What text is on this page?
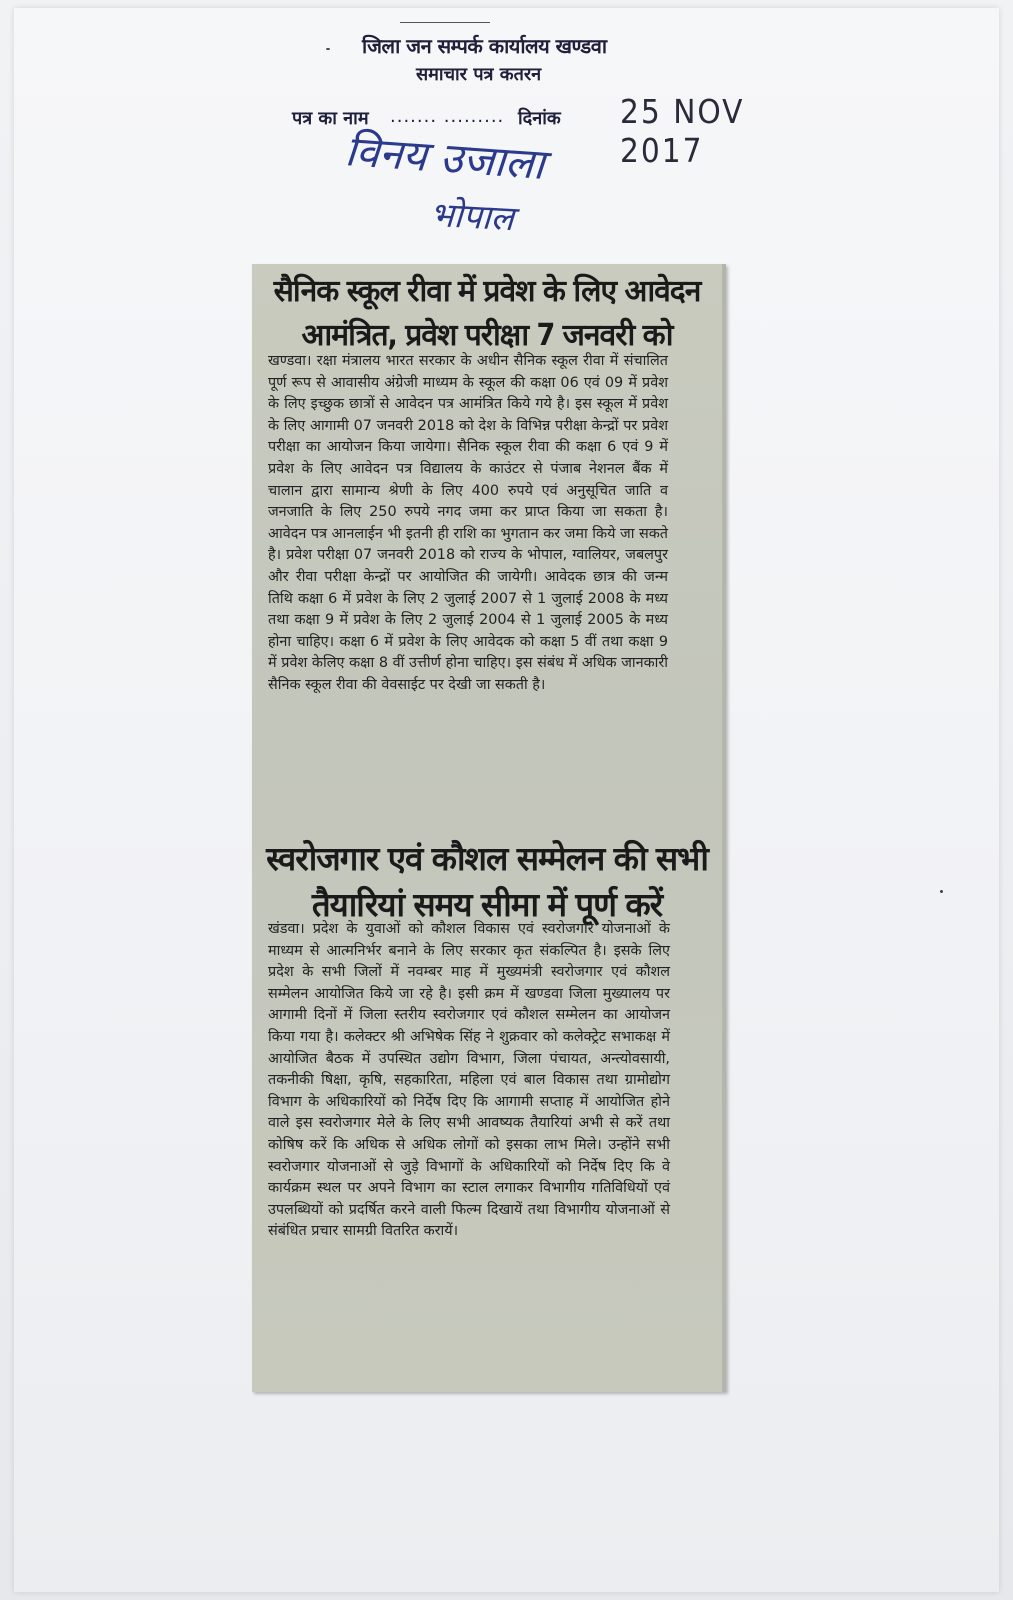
जिला जन सम्पर्क कार्यालय खण्डवा
समाचार पत्र कतरन
पत्र का नाम ....... ......... दिनांक 25 NOV 2017
विनय उजाला
भोपाल
सैनिक स्कूल रीवा में प्रवेश के लिए आवेदन आमंत्रित, प्रवेश परीक्षा 7 जनवरी को
खण्डवा। रक्षा मंत्रालय भारत सरकार के अधीन सैनिक स्कूल रीवा में संचालित पूर्ण रूप से आवासीय अंग्रेजी माध्यम के स्कूल की कक्षा 06 एवं 09 में प्रवेश के लिए इच्छुक छात्रों से आवेदन पत्र आमंत्रित किये गये है। इस स्कूल में प्रवेश के लिए आगामी 07 जनवरी 2018 को देश के विभिन्न परीक्षा केन्द्रों पर प्रवेश परीक्षा का आयोजन किया जायेगा। सैनिक स्कूल रीवा की कक्षा 6 एवं 9 में प्रवेश के लिए आवेदन पत्र विद्यालय के काउंटर से पंजाब नेशनल बैंक में चालान द्वारा सामान्य श्रेणी के लिए 400 रुपये एवं अनुसूचित जाति व जनजाति के लिए 250 रुपये नगद जमा कर प्राप्त किया जा सकता है। आवेदन पत्र आनलाईन भी इतनी ही राशि का भुगतान कर जमा किये जा सकते है। प्रवेश परीक्षा 07 जनवरी 2018 को राज्य के भोपाल, ग्वालियर, जबलपुर और रीवा परीक्षा केन्द्रों पर आयोजित की जायेगी। आवेदक छात्र की जन्म तिथि कक्षा 6 में प्रवेश के लिए 2 जुलाई 2007 से 1 जुलाई 2008 के मध्य तथा कक्षा 9 में प्रवेश के लिए 2 जुलाई 2004 से 1 जुलाई 2005 के मध्य होना चाहिए। कक्षा 6 में प्रवेश के लिए आवेदक को कक्षा 5 वीं तथा कक्षा 9 में प्रवेश केलिए कक्षा 8 वीं उत्तीर्ण होना चाहिए। इस संबंध में अधिक जानकारी सैनिक स्कूल रीवा की वेवसाईट पर देखी जा सकती है।
स्वरोजगार एवं कौशल सम्मेलन की सभी तैयारियां समय सीमा में पूर्ण करें
खंडवा। प्रदेश के युवाओं को कौशल विकास एवं स्वरोजगार योजनाओं के माध्यम से आत्मनिर्भर बनाने के लिए सरकार कृत संकल्पित है। इसके लिए प्रदेश के सभी जिलों में नवम्बर माह में मुख्यमंत्री स्वरोजगार एवं कौशल सम्मेलन आयोजित किये जा रहे है। इसी क्रम में खण्डवा जिला मुख्यालय पर आगामी दिनों में जिला स्तरीय स्वरोजगार एवं कौशल सम्मेलन का आयोजन किया गया है। कलेक्टर श्री अभिषेक सिंह ने शुक्रवार को कलेक्ट्रेट सभाकक्ष में आयोजित बैठक में उपस्थित उद्योग विभाग, जिला पंचायत, अन्त्योवसायी, तकनीकी षिक्षा, कृषि, सहकारिता, महिला एवं बाल विकास तथा ग्रामोद्योग विभाग के अधिकारियों को निर्देष दिए कि आगामी सप्ताह में आयोजित होने वाले इस स्वरोजगार मेले के लिए सभी आवष्यक तैयारियां अभी से करें तथा कोषिष करें कि अधिक से अधिक लोगों को इसका लाभ मिले। उन्होंने सभी स्वरोजगार योजनाओं से जुड़े विभागों के अधिकारियों को निर्देष दिए कि वे कार्यक्रम स्थल पर अपने विभाग का स्टाल लगाकर विभागीय गतिविधियों एवं उपलब्धियों को प्रदर्षित करने वाली फिल्म दिखायें तथा विभागीय योजनाओं से संबंधित प्रचार सामग्री वितरित करायें।
